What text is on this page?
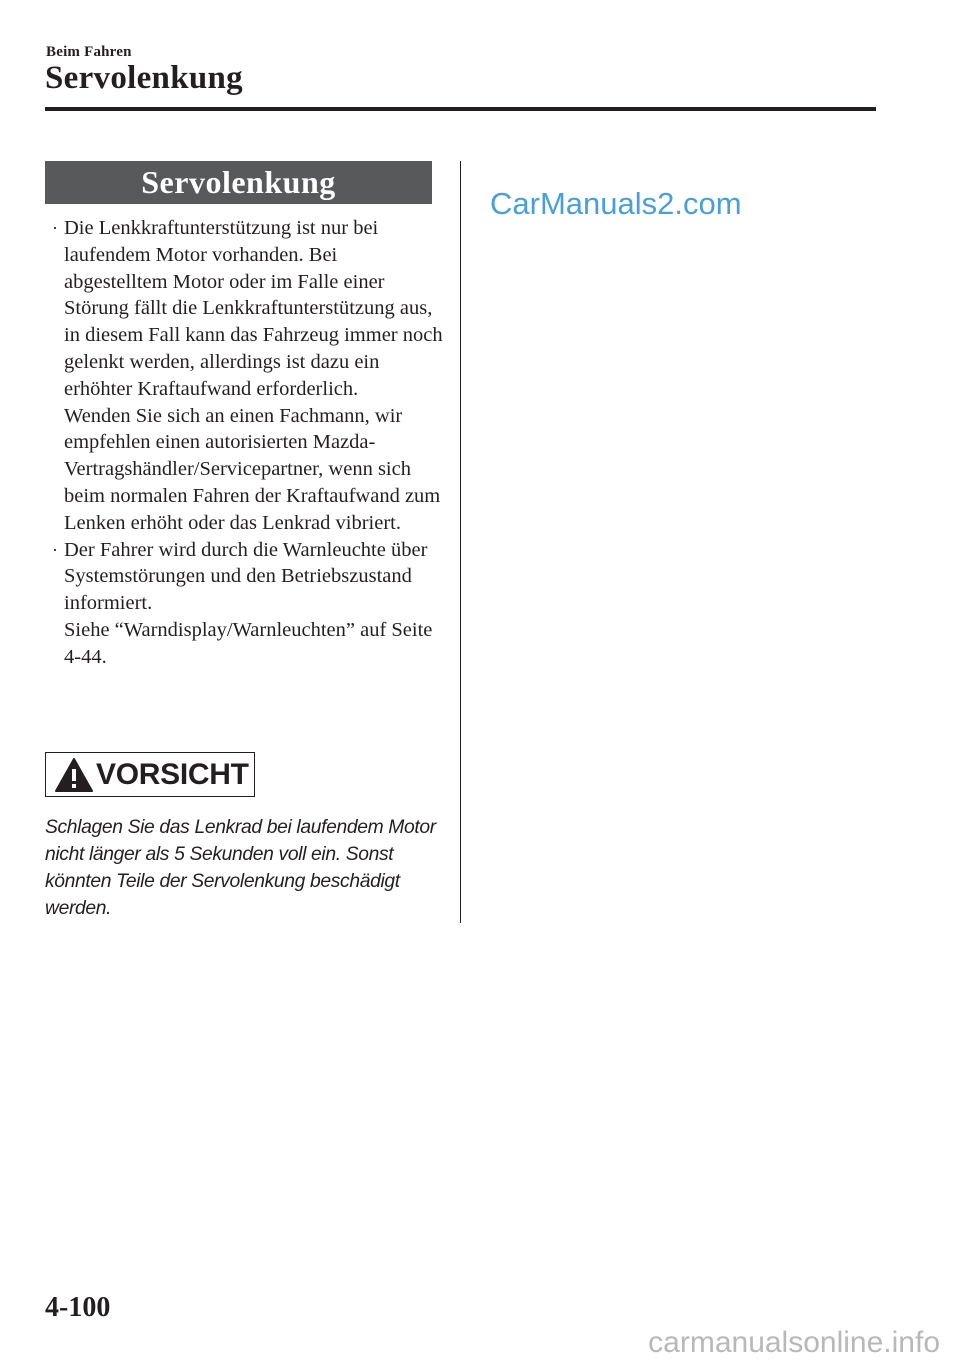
Beim Fahren
Servolenkung
Servolenkung
· Die Lenkkraftunterstützung ist nur bei laufendem Motor vorhanden. Bei abgestelltem Motor oder im Falle einer Störung fällt die Lenkkraftunterstützung aus, in diesem Fall kann das Fahrzeug immer noch gelenkt werden, allerdings ist dazu ein erhöhter Kraftaufwand erforderlich.

Wenden Sie sich an einen Fachmann, wir empfehlen einen autorisierten Mazda-Vertragshändler/Servicepartner, wenn sich beim normalen Fahren der Kraftaufwand zum Lenken erhöht oder das Lenkrad vibriert.

· Der Fahrer wird durch die Warnleuchte über Systemstörungen und den Betriebszustand informiert.

Siehe “Warndisplay/Warnleuchten” auf Seite 4-44.

VORSICHT

Schlagen Sie das Lenkrad bei laufendem Motor nicht länger als 5 Sekunden voll ein. Sonst könnten Teile der Servolenkung beschädigt werden.

CarManuals2.com
4-100
carmanualsonline.info
